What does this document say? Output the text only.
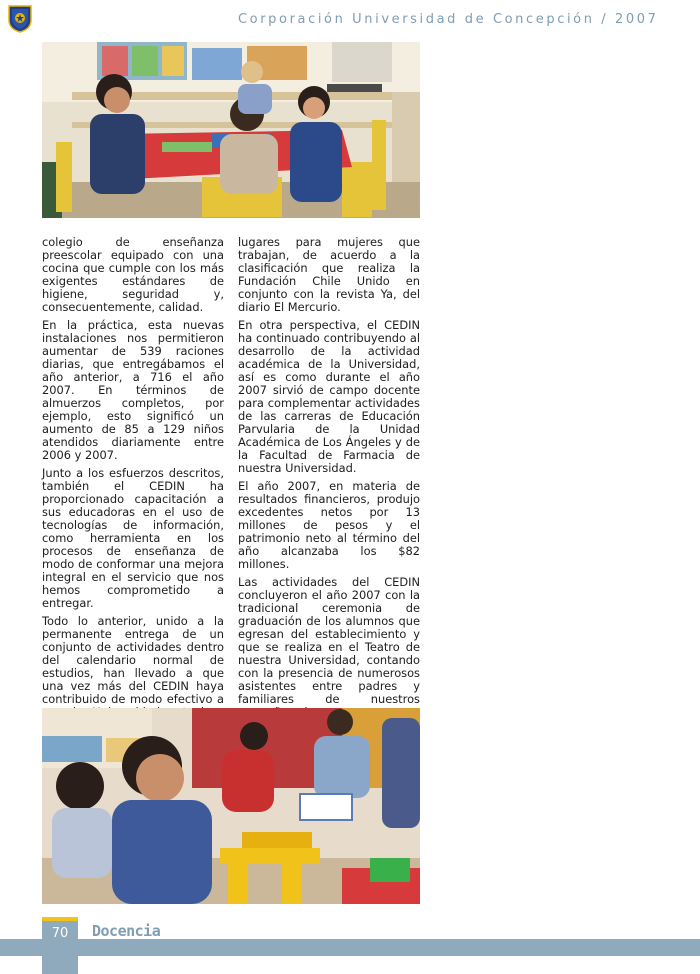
Corporación Universidad de Concepción / 2007

colegio de enseñanza preescolar equipado con una cocina que cumple con los más exigentes estándares de higiene, seguridad y, consecuentemente, calidad.

En la práctica, esta nuevas instalaciones nos permitieron aumentar de 539 raciones diarias, que entregábamos el año anterior, a 716 el año 2007. En términos de almuerzos completos, por ejemplo, esto significó un aumento de 85 a 129 niños atendidos diariamente entre 2006 y 2007.

Junto a los esfuerzos descritos, también el CEDIN ha proporcionado capacitación a sus educadoras en el uso de tecnologías de información, como herramienta en los procesos de enseñanza de modo de conformar una mejora integral en el servicio que nos hemos comprometido a entregar.

Todo lo anterior, unido a la permanente entrega de un conjunto de actividades dentro del calendario normal de estudios, han llevado a que una vez más del CEDIN haya contribuido de modo efectivo a

lugares para mujeres que trabajan, de acuerdo a la clasificación que realiza la Fundación Chile Unido en conjunto con la revista Ya, del diario El Mercurio.

En otra perspectiva, el CEDIN ha continuado contribuyendo al desarrollo de la actividad académica de la Universidad, así es como durante el año 2007 sirvió de campo docente para complementar actividades de las carreras de Educación Parvularia de la Unidad Académica de Los Ángeles y de la Facultad de Farmacia de nuestra Universidad.

El año 2007, en materia de resultados financieros, produjo excedentes netos por 13 millones de pesos y el patrimonio neto al término del año alcanzaba los $82 millones.

Las actividades del CEDIN concluyeron el año 2007 con la tradicional ceremonia de graduación de los alumnos que egresan del establecimiento y que se realiza en el Teatro de nuestra Universidad, contando con la presencia de numerosos asistentes entre padres y familiares de nuestros

70	Docencia
